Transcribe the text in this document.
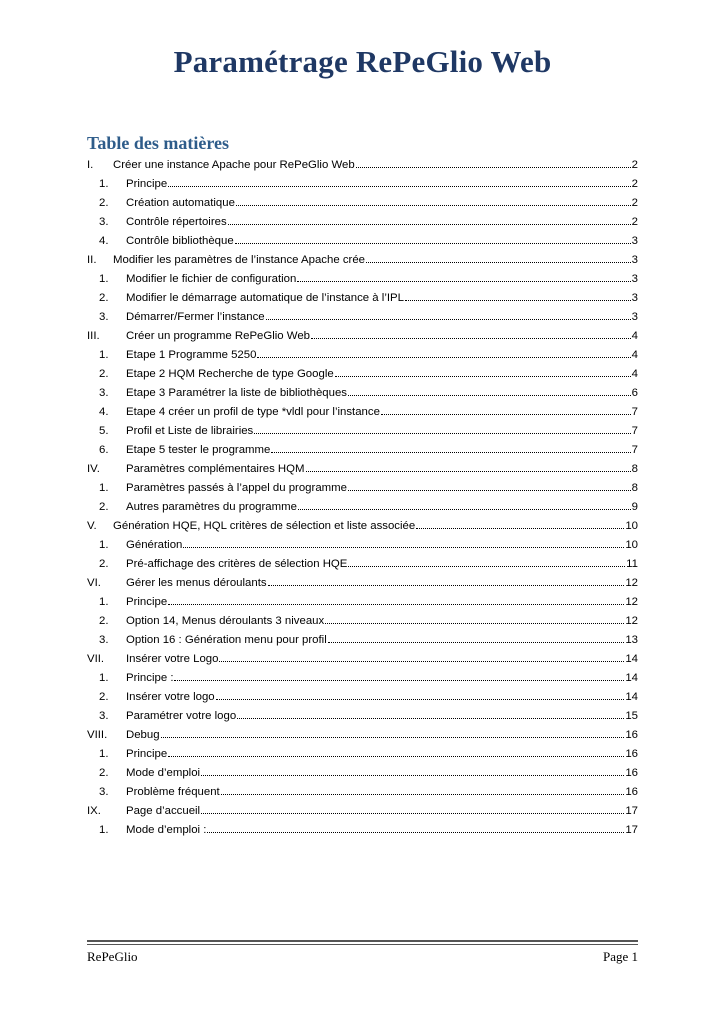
Paramétrage RePeGlio Web
Table des matières
I.	Créer une instance Apache pour RePeGlio Web	2
1.	Principe	2
2.	Création automatique	2
3.	Contrôle répertoires	2
4.	Contrôle bibliothèque	3
II.	Modifier les paramètres de l’instance Apache crée	3
1.	Modifier le fichier de configuration	3
2.	Modifier le démarrage automatique de l’instance à l’IPL	3
3.	Démarrer/Fermer l’instance	3
III.	Créer un programme RePeGlio Web	4
1.	Etape 1 Programme 5250	4
2.	Etape 2 HQM Recherche de type Google	4
3.	Etape 3 Paramétrer la liste de bibliothèques	6
4.	Etape 4 créer un profil de type *vldl pour l’instance	7
5.	Profil et Liste de librairies	7
6.	Etape 5 tester le programme	7
IV.	Paramètres complémentaires HQM	8
1.	Paramètres passés à l’appel du programme	8
2.	Autres paramètres du programme	9
V.	Génération HQE, HQL critères de sélection et liste associée	10
1.	Génération	10
2.	Pré-affichage des critères de sélection HQE	11
VI.	Gérer les menus déroulants	12
1.	Principe	12
2.	Option 14, Menus déroulants 3 niveaux	12
3.	Option 16 : Génération menu pour profil	13
VII.	Insérer votre Logo	14
1.	Principe :	14
2.	Insérer votre logo	14
3.	Paramétrer votre logo	15
VIII.	Debug	16
1.	Principe	16
2.	Mode d’emploi	16
3.	Problème fréquent	16
IX.	Page d’accueil	17
1.	Mode d’emploi :	17
RePeGlio	Page 1
